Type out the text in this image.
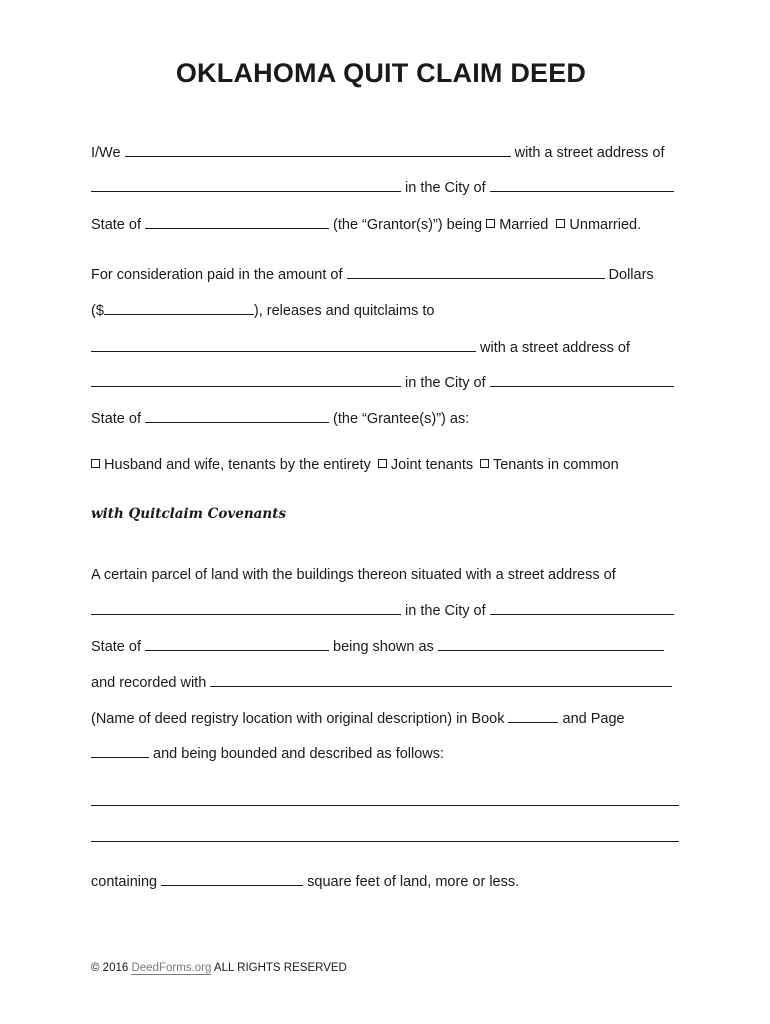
OKLAHOMA QUIT CLAIM DEED
I/We	with a street address of
in the City of
State of	(the “Grantor(s)”) being Married Unmarried.
For consideration paid in the amount of	Dollars
($	), releases and quitclaims to
with a street address of
in the City of
State of	(the “Grantee(s)”) as:
Husband and wife, tenants by the entirety Joint tenants Tenants in common
with Quitclaim Covenants
A certain parcel of land with the buildings thereon situated with a street address of
in the City of
State of	being shown as
and recorded with
(Name of deed registry location with original description) in Book	and Page
and being bounded and described as follows:
containing	square feet of land, more or less.
© 2016 DeedForms.org ALL RIGHTS RESERVED
